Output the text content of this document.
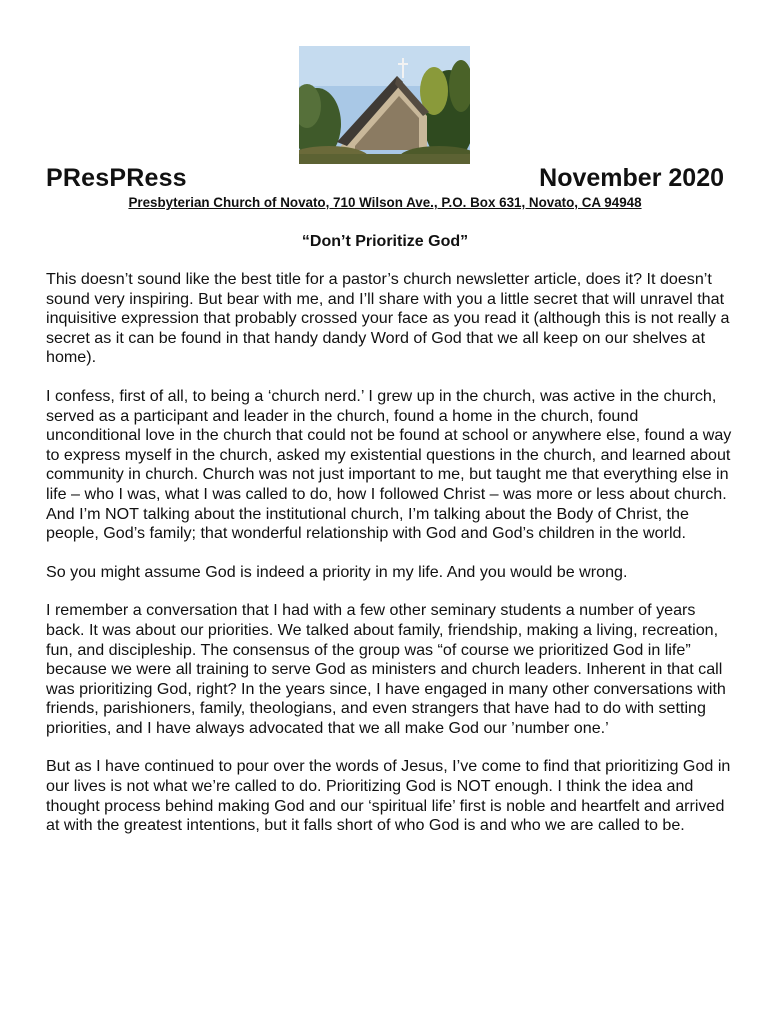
PResPRess	November 2020
Presbyterian Church of Novato, 710 Wilson Ave., P.O. Box 631, Novato, CA 94948
“Don’t Prioritize God”

This doesn’t sound like the best title for a pastor’s church newsletter article, does it? It doesn’t sound very inspiring. But bear with me, and I’ll share with you a little secret that will unravel that inquisitive expression that probably crossed your face as you read it (although this is not really a secret as it can be found in that handy dandy Word of God that we all keep on our shelves at home).

I confess, first of all, to being a ‘church nerd.’ I grew up in the church, was active in the church, served as a participant and leader in the church, found a home in the church, found unconditional love in the church that could not be found at school or anywhere else, found a way to express myself in the church, asked my existential questions in the church, and learned about community in church. Church was not just important to me, but taught me that everything else in life – who I was, what I was called to do, how I followed Christ – was more or less about church. And I’m NOT talking about the institutional church, I’m talking about the Body of Christ, the people, God’s family; that wonderful relationship with God and God’s children in the world.

So you might assume God is indeed a priority in my life. And you would be wrong.

I remember a conversation that I had with a few other seminary students a number of years back. It was about our priorities. We talked about family, friendship, making a living, recreation, fun, and discipleship. The consensus of the group was “of course we prioritized God in life” because we were all training to serve God as ministers and church leaders. Inherent in that call was prioritizing God, right? In the years since, I have engaged in many other conversations with friends, parishioners, family, theologians, and even strangers that have had to do with setting priorities, and I have always advocated that we all make God our ’number one.’

But as I have continued to pour over the words of Jesus, I’ve come to find that prioritizing God in our lives is not what we’re called to do. Prioritizing God is NOT enough. I think the idea and thought process behind making God and our ‘spiritual life’ first is noble and heartfelt and arrived at with the greatest intentions, but it falls short of who God is and who we are called to be.
